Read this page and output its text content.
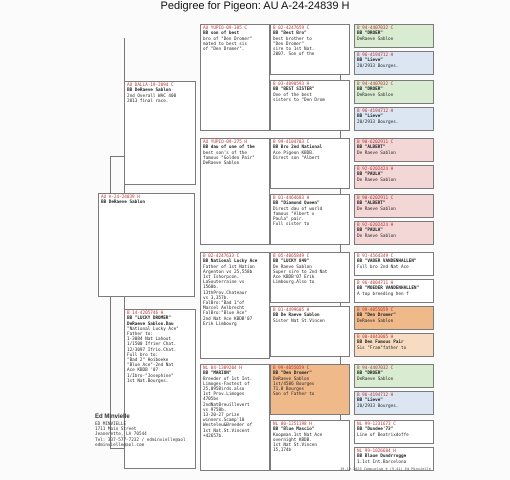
Pedigree for Pigeon: AU A-24-24839 H
AU A-24-24839 H
BB DeRaeve Sablon
AU DALLA-19-2094 C
BB DeRaeve Sablon
2nd Overall WAC 400
2013 final race.
B 14-4205746 H
BB "LUCKY DROMER"
DeRaeve Sablon.Dau
"National Lucky Ace"
Father to:
1-3084 Nat Lahout
1/1500 Ifrier Chat.
12/3097 Ifrio.Chat.
Full bro to:
"Bad 2" Hoiboeke
"Blue Ace"-2nd Nat
Ace KBDB '07
1/Ibro-"Josephine"
1st Nat.Bourges.
AU YUPIO-09-385 C
BB son of best
bro of "Den Dromer"
mated to best sis
of "Den Dromer".
AU YUPIO-09-275 H
BB dau of one of the
best son's of the
famous "Golden Pair"
DeRaeve Sablon
B 02-4247633 C
BB National Lucky Ace
Father of 1st Nation
Argenton vs 25,558b
1st Ishorpcon.
LaSouterraine vs
1560b.
13thProv.Chateaur
vs 3,357b.
FalBro:"Bad 1"of
Marcel Aelbrecht
FalBro:"Blue Ace"
2nd Nat Ace KBDB'07
Erik Limbourg
NL 04-1389204 H
BB "MARION"
Breeder of 1st Int.
Limoges-Fastest of
25,095Birds.also
1st Prov.Limoges
4705bs
2ndNatBreuillevert
vs 9758b.
13-20-27 prize
winners.Scamp'10
Westeleu&Breeder of
1st Nat.St.Vincent
+42657b.
B 02-4247659 C
BB "Best Bro"
best brother to
"Den Dromer"
sire to 1st Nat.
2007. Son of the
B 03-4090593 H
BB "BEST SISTER"
One of the best
sisters to "Den Drom
B 99-4104703 C
BB Bro 2nd National
Ace Pigeon KBDB.
Direct son "Albert
B 01-4464683 H
BB "Diamond Queen"
Direct dau of world
famous "Albert x
Paula" pair.
Full sister to
B 05-4065849 C
BB "LUCKY 849"
De Raeve Sablon
Super sire to 2nd Nat
Ace KBDB'07 Erik
Limbourg.Also to
B 01-4499605 H
BB De Raeve Sablon
Sister Nat St.Vincen
B 99-4055059 C
BB "Den Dromer"
DeRaeve Sablon
1st/4586 Bourges
71.8 Bourges
Son of Father to
NL 00-1251198 H
BB "Blue Mascio"
Koopman.1st Nat Ace
overnight KBDB.
1st Nat St.Vincen
15,174b
B 94-4407032 C
BB "DROER"
DeRaeve Sablon
B 96-4194712 H
BB "Lieve"
20/2933 Bourges.
B 94-4407032 C
BB "DROER"
DeRaeve Sablon
B 96-4194712 H
BB "Lieve"
20/2933 Bourges.
B 90-6202911 C
BB "ALBERT"
De Raeve Sablon
B 92-6202424 H
BB "PAULA"
De Raeve Sablon
B 90-6202911 C
BB "ALBERT"
De Raeve Sablon
B 92-6202424 H
BB "PAULA"
De Raeve Sablon
B 91-4564349 C
BB "VADER VANDENHALLEN"
Full bro 2nd Nat Ace
B 96-4004711 H
BB "MOEDER VANDENHALLEN"
A top breeding hen f
B 99-4055059 C
BB "Den Dromer"
DeRaeve Sablon
B 00-4043005 H
BB Den Famous Pair
Sis "Fram"father to
B 94-4407032 C
BB "DROER"
DeRaeve Sablon
B 96-4194712 H
BB "Lieve"
20/2933 Bourges.
NL 99-1231673 C
BB "Dundee'73"
Line of Beatrixdoffe
NL 99-1026684 H
BB Blaue Dundrrogge
1.1st Int.Barcelona
Ed Minvielle
ED MINVIELLE
1711 Main Street
Jeanerette, LA 70544
Tel: 337-577-7232 / edminvielle@aol
edminvielle@aol.com
19-10-2025 Compuclub ® (9.41) Ed Minvielle
